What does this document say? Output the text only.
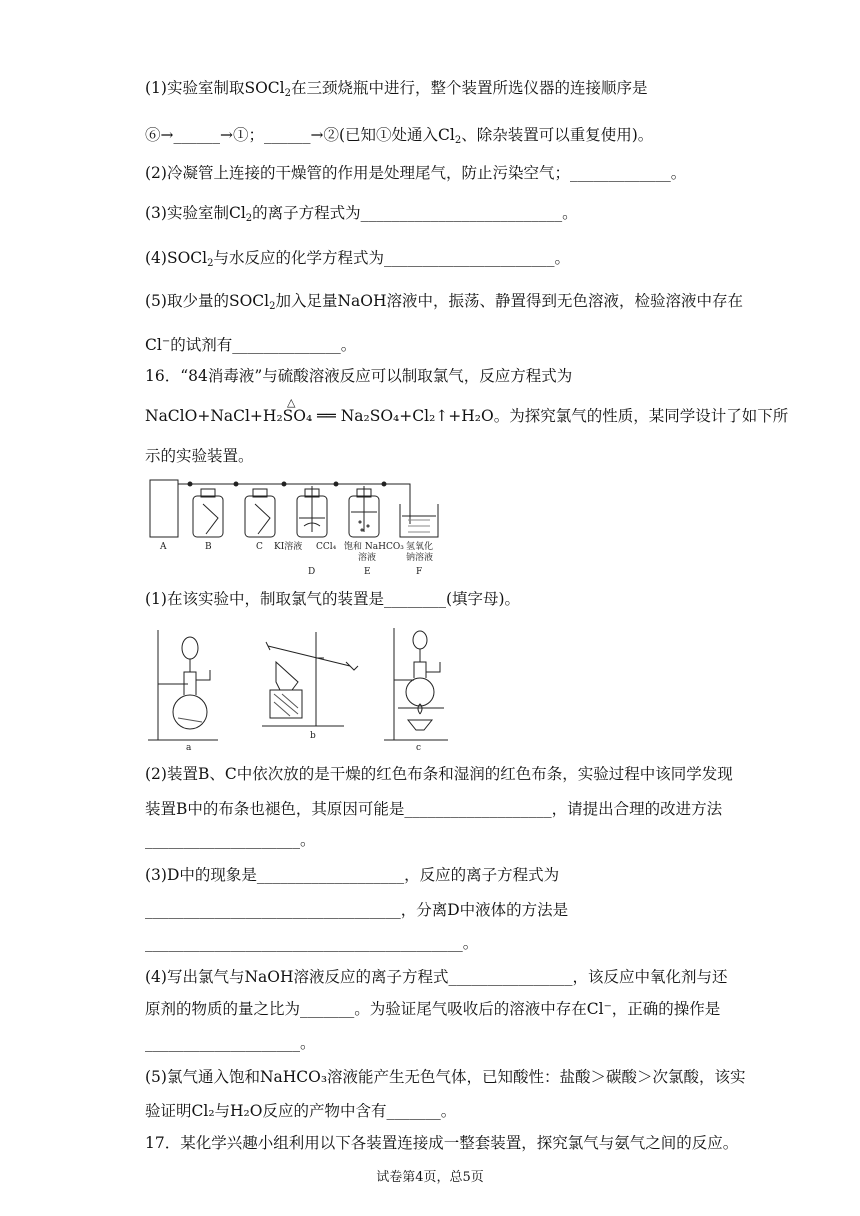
(1)实验室制取SOCl$_2$在三颈烧瓶中进行，整个装置所选仪器的连接顺序是
⑥→______→①；______→②(已知①处通入$Cl_2$、除杂装置可以重复使用)。
(2)冷凝管上连接的干燥管的作用是处理尾气，防止污染空气；_____________。
(3)实验室制$Cl_2$的离子方程式为__________________________。
(4)SOCl$_2$与水反应的化学方程式为______________________。
(5)取少量的SOCl$_2$加入足量NaOH溶液中，振荡、静置得到无色溶液，检验溶液中存在
Cl−的试剂有______________。
16．“84消毒液”与硫酸溶液反应可以制取氯气，反应方程式为
NaClO+NaCl+H₂SO₄ ══ Na₂SO₄+Cl₂↑+H₂O。为探究氯气的性质，某同学设计了如下所
△
示的实验装置。
A	B	C KI溶液 CCl₄
D
饱和 NaHCO₃
溶液
E
氢氧化
钠溶液
F
(1)在该实验中，制取氯气的装置是________(填字母)。
a
b
c
(2)装置B、C中依次放的是干燥的红色布条和湿润的红色布条，实验过程中该同学发现
装置B中的布条也褪色，其原因可能是___________________，请提出合理的改进方法
____________________。
(3)D中的现象是___________________，反应的离子方程式为
_________________________________，分离D中液体的方法是
_________________________________________。
(4)写出氯气与NaOH溶液反应的离子方程式________________，该反应中氧化剂与还
原剂的物质的量之比为_______。为验证尾气吸收后的溶液中存在Cl⁻，正确的操作是
____________________。
(5)氯气通入饱和NaHCO₃溶液能产生无色气体，已知酸性：盐酸＞碳酸＞次氯酸，该实
验证明Cl₂与H₂O反应的产物中含有_______。
17．某化学兴趣小组利用以下各装置连接成一整套装置，探究氯气与氨气之间的反应。
试卷第4页，总5页
